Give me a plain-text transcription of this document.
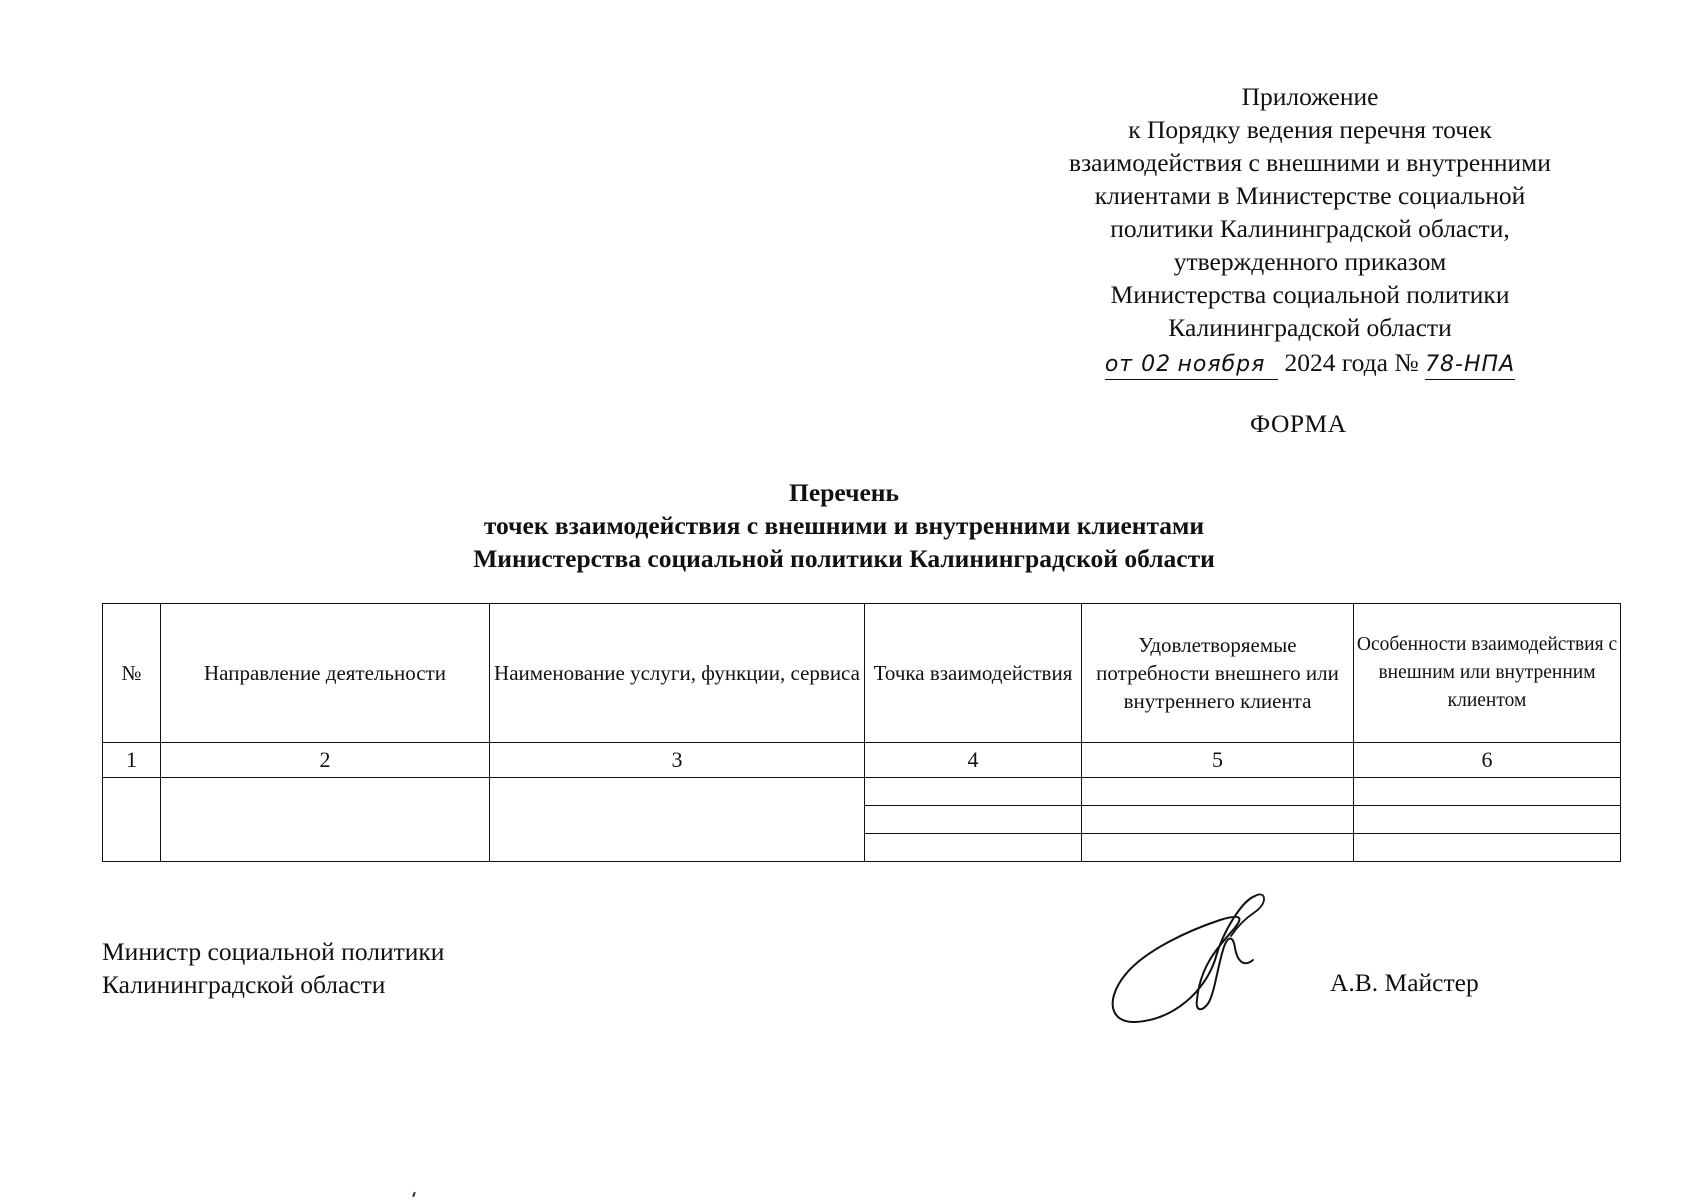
Приложение
к Порядку ведения перечня точек
взаимодействия с внешними и внутренними
клиентами в Министерстве социальной
политики Калининградской области,
утвержденного приказом
Министерства социальной политики
Калининградской области
от 02 ноября 2024 года № 78-НПА
ФОРМА
Перечень
точек взаимодействия с внешними и внутренними клиентами
Министерства социальной политики Калининградской области
№	Направление деятельности	Наименование услуги, функции, сервиса	Точка взаимодействия	Удовлетворяемые потребности внешнего или внутреннего клиента	Особенности взаимодействия с внешним или внутренним клиентом
1	2	3	4	5	6

Министр социальной политики
Калининградской области	А.В. Майстер
